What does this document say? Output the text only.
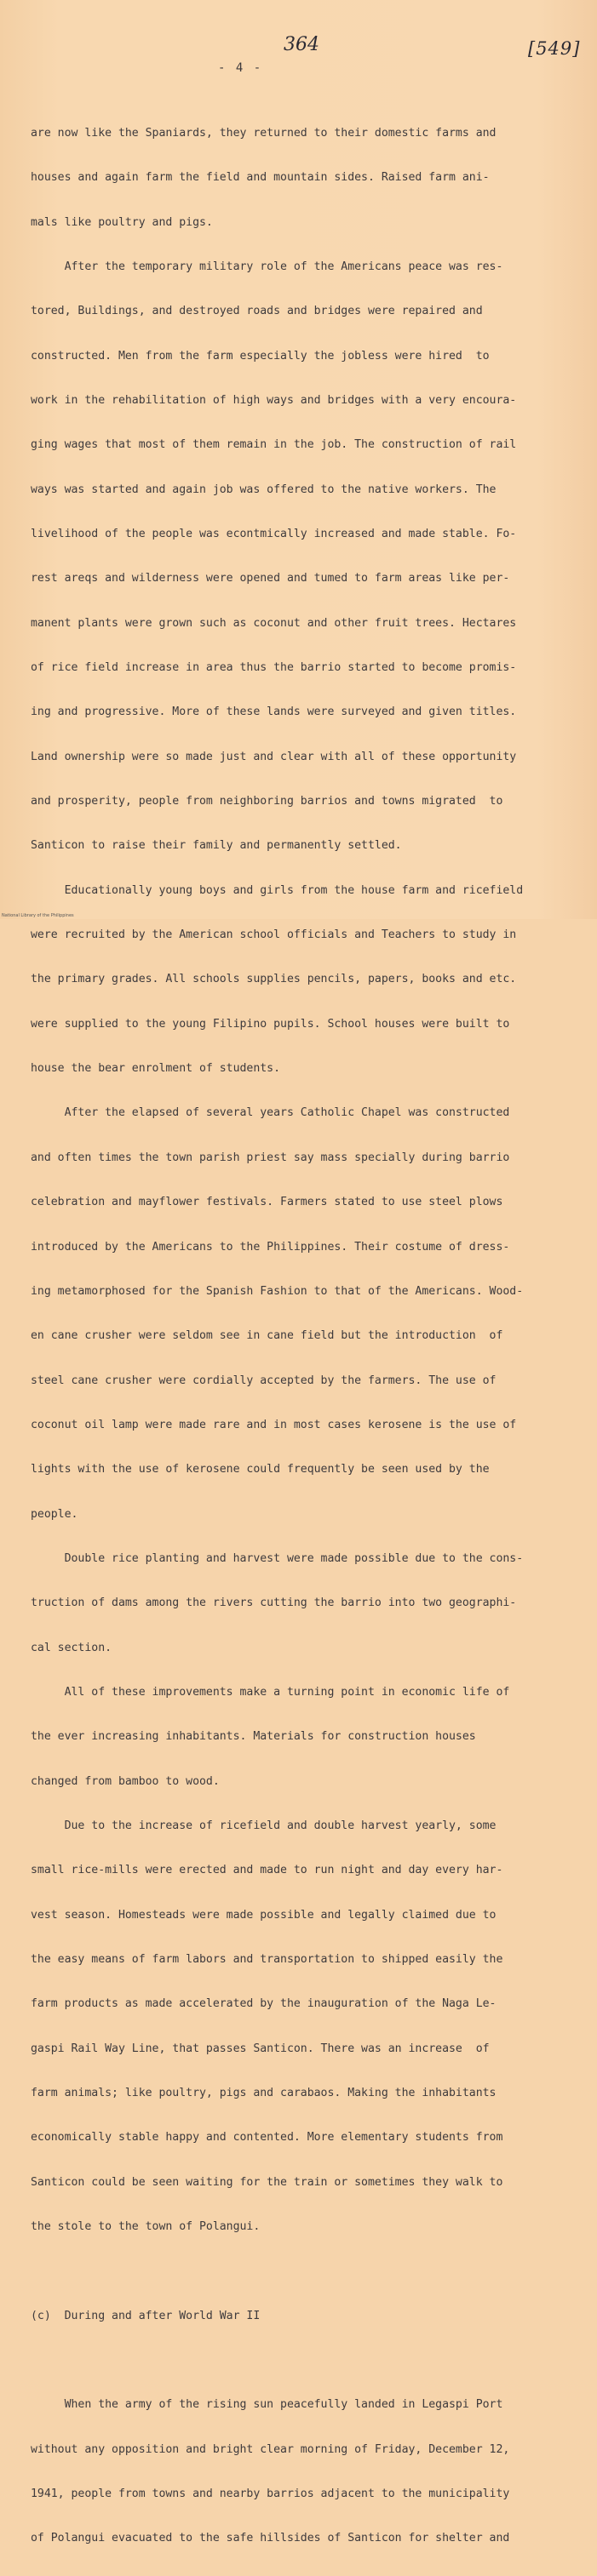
364	[549]
- 4 -

are now like the Spaniards, they returned to their domestic farms and

houses and again farm the field and mountain sides. Raised farm ani-

mals like poultry and pigs.

After the temporary military role of the Americans peace was res-

tored, Buildings, and destroyed roads and bridges were repaired and

constructed. Men from the farm especially the jobless were hired  to

work in the rehabilitation of high ways and bridges with a very encoura-

ging wages that most of them remain in the job. The construction of rail

ways was started and again job was offered to the native workers. The

livelihood of the people was econtmically increased and made stable. Fo-

rest areqs and wilderness were opened and tumed to farm areas like per-

manent plants were grown such as coconut and other fruit trees. Hectares

of rice field increase in area thus the barrio started to become promis-

ing and progressive. More of these lands were surveyed and given titles.

Land ownership were so made just and clear with all of these opportunity

and prosperity, people from neighboring barrios and towns migrated  to

Santicon to raise their family and permanently settled.

Educationally young boys and girls from the house farm and ricefield

were recruited by the American school officials and Teachers to study in

the primary grades. All schools supplies pencils, papers, books and etc.

were supplied to the young Filipino pupils. School houses were built to

house the bear enrolment of students.

After the elapsed of several years Catholic Chapel was constructed

and often times the town parish priest say mass specially during barrio

celebration and mayflower festivals. Farmers stated to use steel plows

introduced by the Americans to the Philippines. Their costume of dress-

ing metamorphosed for the Spanish Fashion to that of the Americans. Wood-

en cane crusher were seldom see in cane field but the introduction  of

steel cane crusher were cordially accepted by the farmers. The use of

coconut oil lamp were made rare and in most cases kerosene is the use of

lights with the use of kerosene could frequently be seen used by the

people.

Double rice planting and harvest were made possible due to the cons-

truction of dams among the rivers cutting the barrio into two geographi-

cal section.

All of these improvements make a turning point in economic life of

the ever increasing inhabitants. Materials for construction houses

changed from bamboo to wood.

Due to the increase of ricefield and double harvest yearly, some

small rice-mills were erected and made to run night and day every har-

vest season. Homesteads were made possible and legally claimed due to

the easy means of farm labors and transportation to shipped easily the

farm products as made accelerated by the inauguration of the Naga Le-

gaspi Rail Way Line, that passes Santicon. There was an increase  of

farm animals; like poultry, pigs and carabaos. Making the inhabitants

economically stable happy and contented. More elementary students from

Santicon could be seen waiting for the train or sometimes they walk to

the stole to the town of Polangui.

(c)  During and after World War II

When the army of the rising sun peacefully landed in Legaspi Port

without any opposition and bright clear morning of Friday, December 12,

1941, people from towns and nearby barrios adjacent to the municipality

of Polangui evacuated to the safe hillsides of Santicon for shelter and

National Library of the Philippines
